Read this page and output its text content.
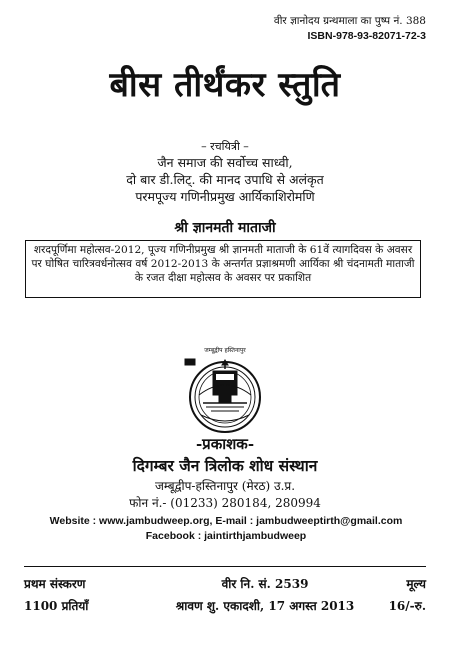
वीर ज्ञानोदय ग्रन्थमाला का पुष्प नं. 388
ISBN-978-93-82071-72-3
बीस तीर्थंकर स्तुति
– रचयित्री –
जैन समाज की सर्वोच्च साध्वी,
दो बार डी.लिट्. की मानद उपाधि से अलंकृत
परमपूज्य गणिनीप्रमुख आर्यिकाशिरोमणि
श्री ज्ञानमती माताजी
शरदपूर्णिमा महोत्सव-2012, पूज्य गणिनीप्रमुख श्री ज्ञानमती माताजी के 61वें त्यागदिवस के अवसर पर घोषित चारित्रवर्धनोत्सव वर्ष 2012-2013 के अन्तर्गत प्रज्ञाश्रमणी आर्यिका श्री चंदनामती माताजी के रजत दीक्षा महोत्सव के अवसर पर प्रकाशित
जम्बूद्वीप हस्तिनापुर
-प्रकाशक-
दिगम्बर जैन त्रिलोक शोध संस्थान
जम्बूद्वीप-हस्तिनापुर (मेरठ) उ.प्र.
फोन नं.- (01233) 280184, 280994
Website : www.jambudweep.org, E-mail : jambudweeptirth@gmail.com
Facebook : jaintirthjambudweep
प्रथम संस्करण	वीर नि. सं. 2539	मूल्य
1100 प्रतियाँ	श्रावण शु. एकादशी, 17 अगस्त 2013	16/-रु.
